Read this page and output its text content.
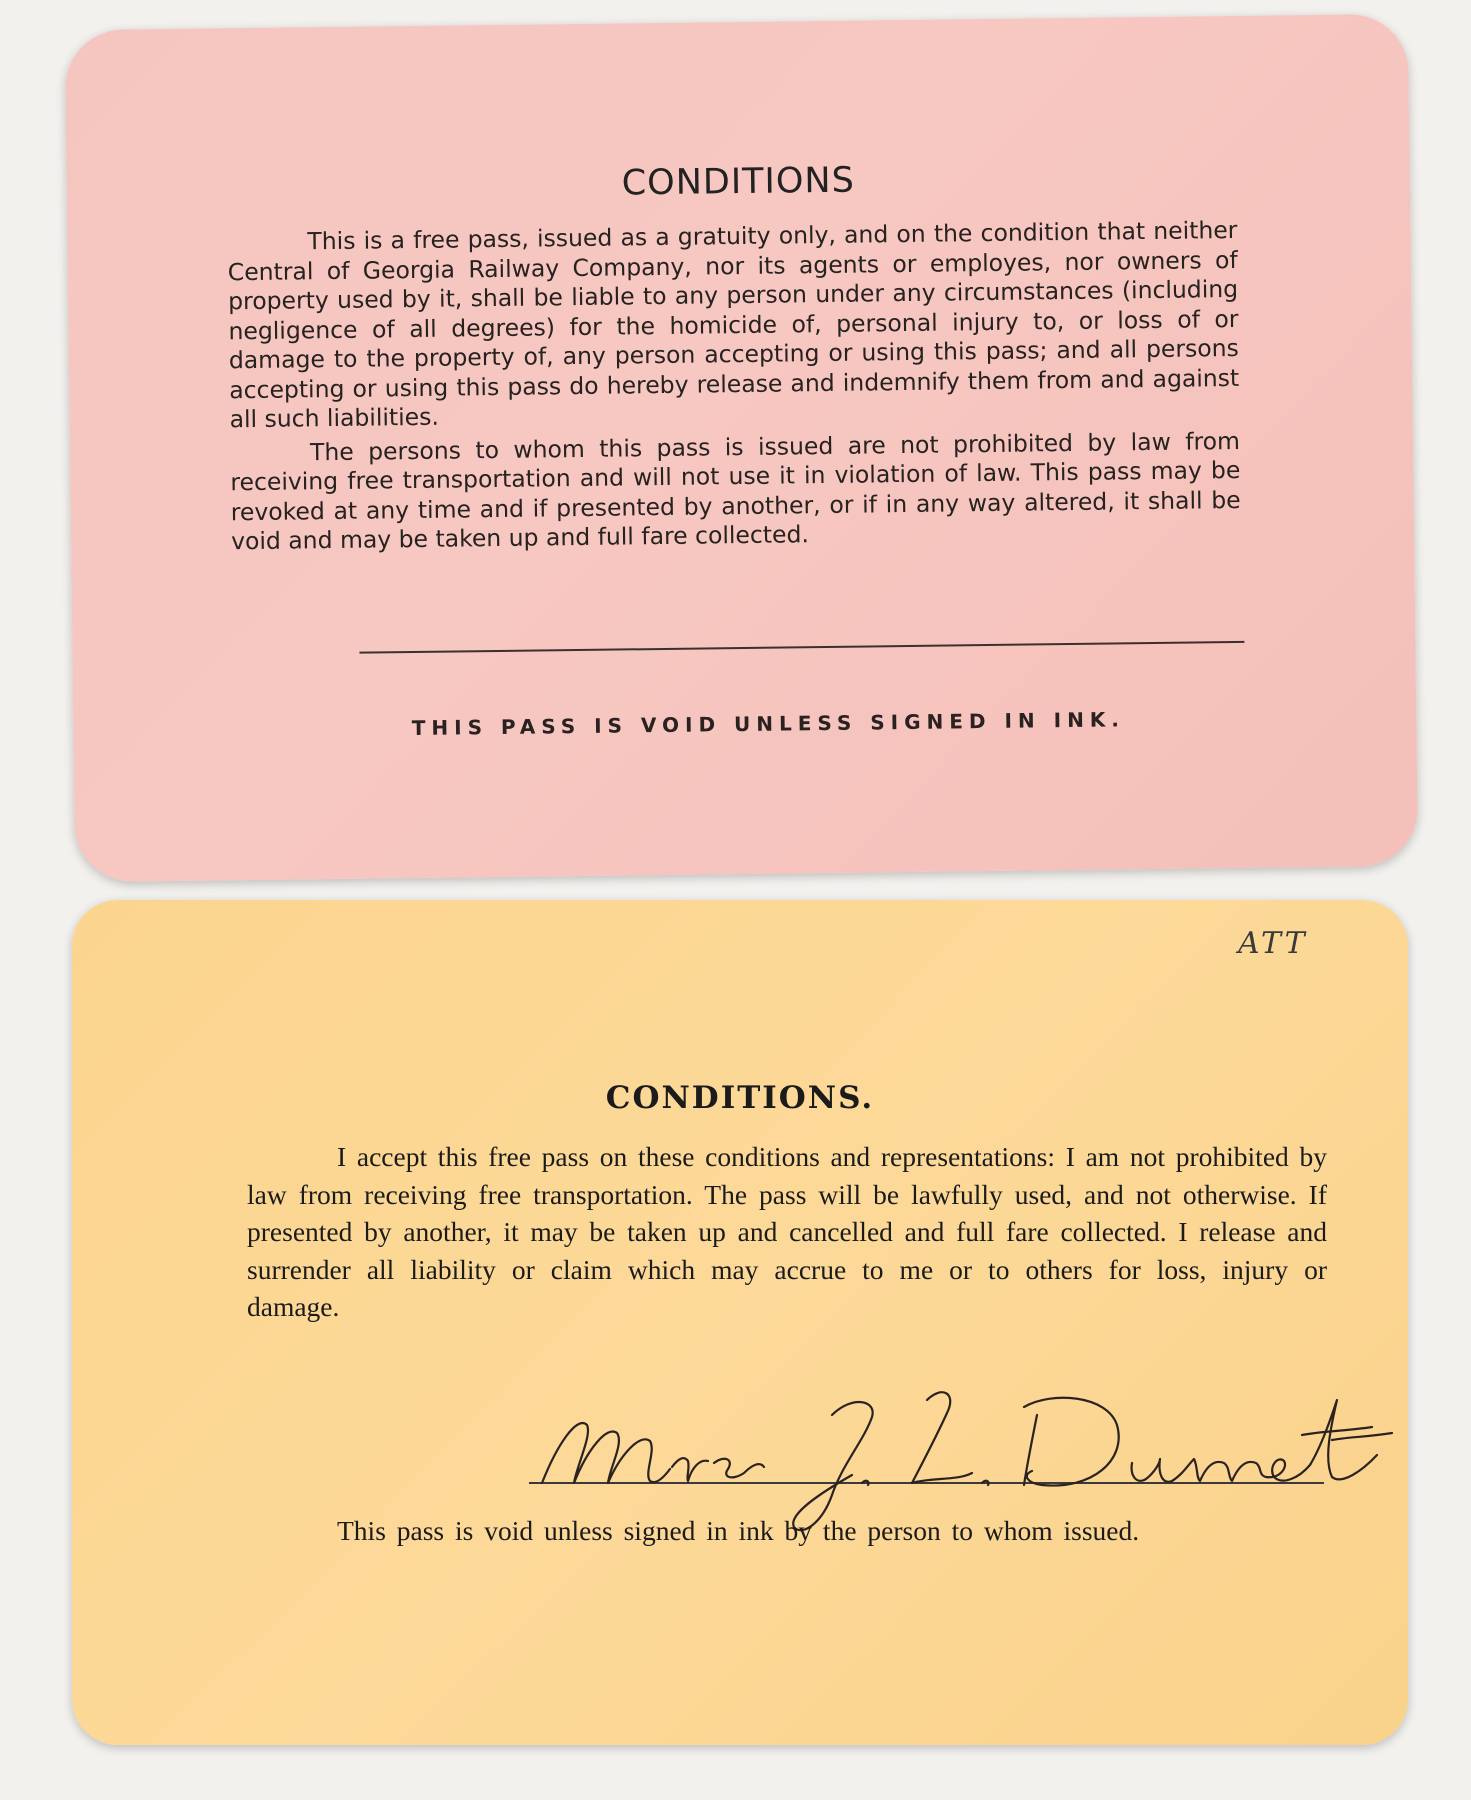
CONDITIONS

This is a free pass, issued as a gratuity only, and on the condition that neither Central of Georgia Railway Company, nor its agents or employes, nor owners of property used by it, shall be liable to any person under any circumstances (including negligence of all degrees) for the homicide of, personal injury to, or loss of or damage to the property of, any person accepting or using this pass; and all persons accepting or using this pass do hereby release and indemnify them from and against all such liabilities.

The persons to whom this pass is issued are not prohibited by law from receiving free transportation and will not use it in violation of law. This pass may be revoked at any time and if presented by another, or if in any way altered, it shall be void and may be taken up and full fare collected.

THIS PASS IS VOID UNLESS SIGNED IN INK.
ATT
CONDITIONS.

I accept this free pass on these conditions and representations: I am not prohibited by law from receiving free transportation. The pass will be lawfully used, and not otherwise. If presented by another, it may be taken up and cancelled and full fare collected. I release and surrender all liability or claim which may accrue to me or to others for loss, injury or damage.

This pass is void unless signed in ink by the person to whom issued.
